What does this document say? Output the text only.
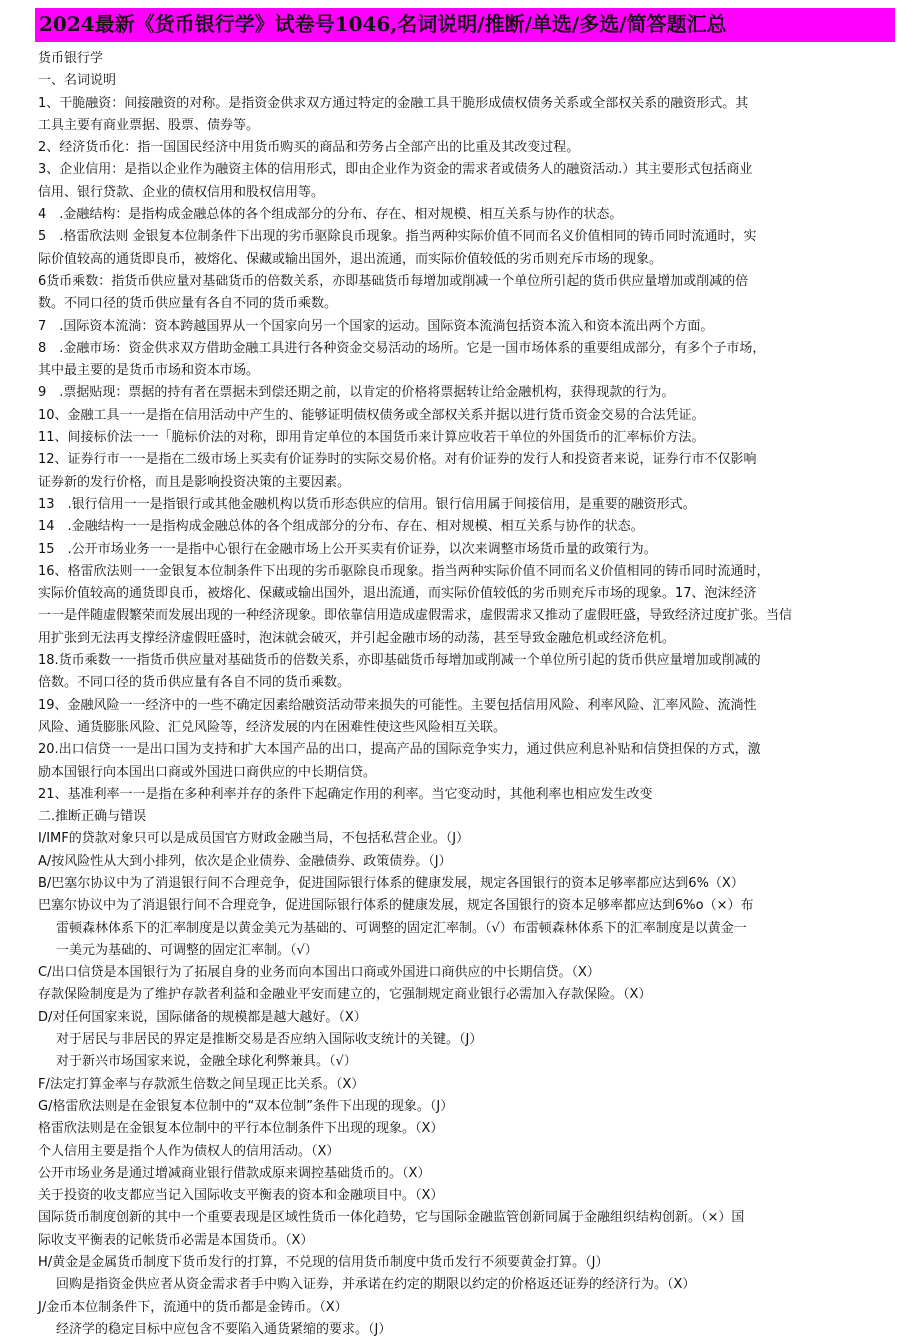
2024最新《货币银行学》试卷号1046,名词说明/推断/单选/多选/简答题汇总
货币银行学
一、名词说明
1、干脆融资：间接融资的对称。是指资金供求双方通过特定的金融工具干脆形成债权债务关系或全部权关系的融资形式。其
工具主要有商业票据、股票、债券等。
2、经济货币化：指一国国民经济中用货币购买的商品和劳务占全部产出的比重及其改变过程。
3、企业信用：是指以企业作为融资主体的信用形式，即由企业作为资金的需求者或债务人的融资活动.）其主要形式包括商业
信用、银行贷款、企业的债权信用和股权信用等。
4　.金融结构：是指构成金融总体的各个组成部分的分布、存在、相对规模、相互关系与协作的状态。
5　.格雷欣法则 金银复本位制条件下出现的劣币驱除良币现象。指当两种实际价值不同而名义价值相同的铸币同时流通时，实
际价值较高的通货即良币，被熔化、保藏或输出国外，退出流通，而实际价值较低的劣币则充斥市场的现象。
6货币乘数：指货币供应量对基础货币的倍数关系，亦即基础货币每增加或削减一个单位所引起的货币供应量增加或削减的倍
数。不同口径的货币供应量有各自不同的货币乘数。
7　.国际资本流淌：资本跨越国界从一个国家向另一个国家的运动。国际资本流淌包括资本流入和资本流出两个方面。
8　.金融市场：资金供求双方借助金融工具进行各种资金交易活动的场所。它是一国市场体系的重要组成部分，有多个子市场，
其中最主要的是货币市场和资本市场。
9　.票据贴现：票据的持有者在票据未到偿还期之前，以肯定的价格将票据转让给金融机构，获得现款的行为。
10、金融工具一一是指在信用活动中产生的、能够证明债权债务或全部权关系并据以进行货币资金交易的合法凭证。
11、间接标价法一一「脆标价法的对称，即用肯定单位的本国货币来计算应收若干单位的外国货币的汇率标价方法。
12、证券行市一一是指在二级市场上买卖有价证券时的实际交易价格。对有价证券的发行人和投资者来说，证券行市不仅影响
证券新的发行价格，而且是影响投资决策的主要因素。
13　.银行信用一一是指银行或其他金融机构以货币形态供应的信用。银行信用属于间接信用，是重要的融资形式。
14　.金融结构一一是指构成金融总体的各个组成部分的分布、存在、相对规模、相互关系与协作的状态。
15　.公开市场业务一一是指中心银行在金融市场上公开买卖有价证券，以次来调整市场货币量的政策行为。
16、格雷欣法则一一金银复本位制条件下出现的劣币驱除良币现象。指当两种实际价值不同而名义价值相同的铸币同时流通时，
实际价值较高的通货即良币，被熔化、保藏或输出国外，退出流通，而实际价值较低的劣币则充斥市场的现象。17、泡沫经济
一一是伴随虚假繁荣而发展出现的一种经济现象。即依靠信用造成虚假需求，虚假需求又推动了虚假旺盛，导致经济过度扩张。当信
用扩张到无法再支撑经济虚假旺盛时，泡沫就会破灭，并引起金融市场的动荡，甚至导致金融危机或经济危机。
18.货币乘数一一指货币供应量对基础货币的倍数关系，亦即基础货币每增加或削减一个单位所引起的货币供应量增加或削减的
倍数。不同口径的货币供应量有各自不同的货币乘数。
19、金融风险一一经济中的一些不确定因素给融资活动带来损失的可能性。主要包括信用风险、利率风险、汇率风险、流淌性
风险、通货膨胀风险、汇兑风险等，经济发展的内在困难性使这些风险相互关联。
20.出口信贷一一是出口国为支持和扩大本国产品的出口，提高产品的国际竞争实力，通过供应利息补贴和信贷担保的方式，激
励本国银行向本国出口商或外国进口商供应的中长期信贷。
21、基准利率一一是指在多种利率并存的条件下起确定作用的利率。当它变动时，其他利率也相应发生改变
二.推断正确与错误
I/IMF的贷款对象只可以是成员国官方财政金融当局，不包括私营企业。（J）
A/按风险性从大到小排列，依次是企业债券、金融债券、政策债券。（J）
B/巴塞尔协议中为了消退银行间不合理竞争，促进国际银行体系的健康发展，规定各国银行的资本足够率都应达到6%（X）
巴塞尔协议中为了消退银行间不合理竞争，促进国际银行体系的健康发展，规定各国银行的资本足够率都应达到6%o（×）布
雷顿森林体系下的汇率制度是以黄金美元为基础的、可调整的固定汇率制。（√）布雷顿森林体系下的汇率制度是以黄金一
一美元为基础的、可调整的固定汇率制。（√）
C/出口信贷是本国银行为了拓展自身的业务而向本国出口商或外国进口商供应的中长期信贷。（X）
存款保险制度是为了维护存款者利益和金融业平安而建立的，它强制规定商业银行必需加入存款保险。（X）
D/对任何国家来说，国际储备的规模都是越大越好。（X）
对于居民与非居民的界定是推断交易是否应纳入国际收支统计的关键。（J）
对于新兴市场国家来说，金融全球化利弊兼具。（√）
F/法定打算金率与存款派生倍数之间呈现正比关系。（X）
G/格雷欣法则是在金银复本位制中的“双本位制”条件下出现的现象。（J）
格雷欣法则是在金银复本位制中的平行本位制条件下出现的现象。（X）
个人信用主要是指个人作为债权人的信用活动。（X）
公开市场业务是通过增减商业银行借款成原来调控基础货币的。（X）
关于投资的收支都应当记入国际收支平衡表的资本和金融项目中。（X）
国际货币制度创新的其中一个重要表现是区域性货币一体化趋势，它与国际金融监管创新同属于金融组织结构创新。（×）国
际收支平衡表的记帐货币必需是本国货币。（X）
H/黄金是金属货币制度下货币发行的打算，不兑现的信用货币制度中货币发行不须要黄金打算。（J）
回购是指资金供应者从资金需求者手中购入证券，并承诺在约定的期限以约定的价格返还证券的经济行为。（X）
J/金币本位制条件下，流通中的货币都是金铸币。（X）
经济学的稳定目标中应包含不要陷入通货紧缩的要求。（J）
